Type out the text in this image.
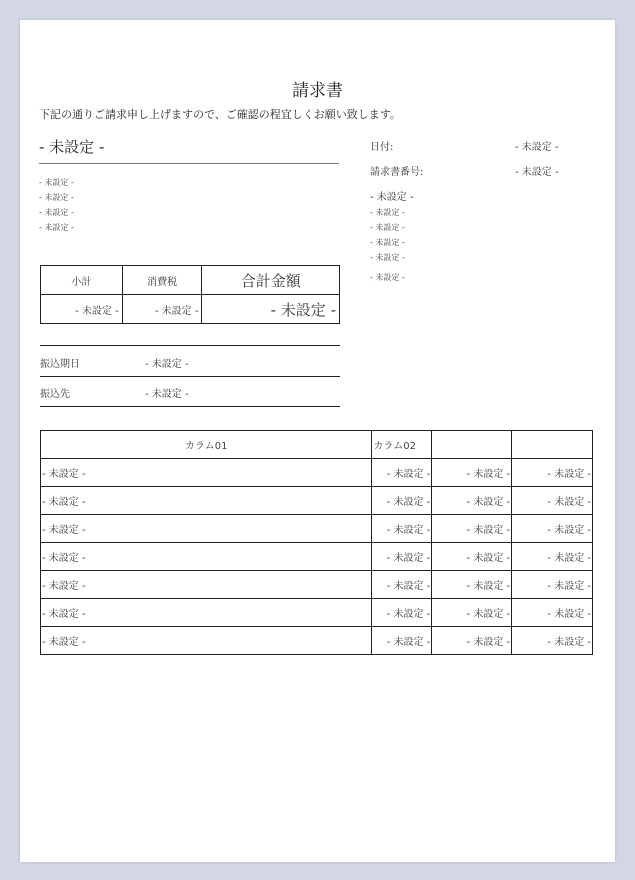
請求書
下記の通りご請求申し上げますので、ご確認の程宜しくお願い致します。
- 未設定 -
- 未設定 -
- 未設定 -
- 未設定 -
- 未設定 -
日付:	- 未設定 -
請求書番号:	- 未設定 -
- 未設定 -
- 未設定 -
- 未設定 -
- 未設定 -
- 未設定 -
- 未設定 -
小計	消費税	合計金額
- 未設定 -	- 未設定 -	- 未設定 -
振込期日	- 未設定 -
振込先	- 未設定 -
カラム01	カラム02		
- 未設定 -	- 未設定 -	- 未設定 -	- 未設定 -
- 未設定 -	- 未設定 -	- 未設定 -	- 未設定 -
- 未設定 -	- 未設定 -	- 未設定 -	- 未設定 -
- 未設定 -	- 未設定 -	- 未設定 -	- 未設定 -
- 未設定 -	- 未設定 -	- 未設定 -	- 未設定 -
- 未設定 -	- 未設定 -	- 未設定 -	- 未設定 -
- 未設定 -	- 未設定 -	- 未設定 -	- 未設定 -
